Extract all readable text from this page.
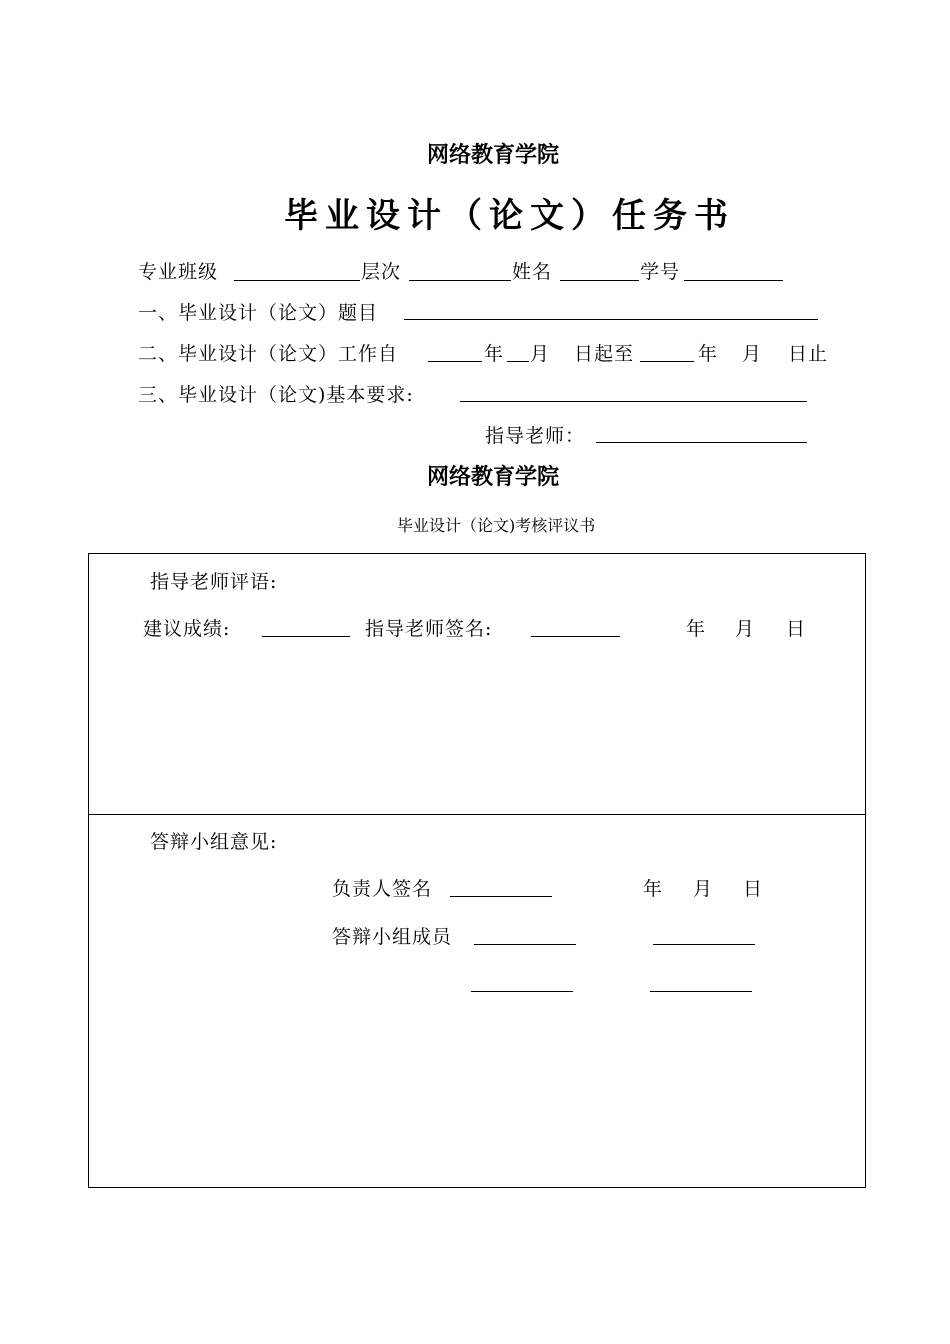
网络教育学院
毕业设计（论文）任务书
专业班级	层次	姓名	学号
一、毕业设计（论文）题目
二、毕业设计（论文）工作自	年 月 日起至	年 月 日止
三、毕业设计（论文)基本要求:
指导老师：
网络教育学院
毕业设计（论文)考核评议书
指导老师评语:
建议成绩:	指导老师签名:	年 月 日
答辩小组意见:
负责人签名	年 月 日
答辩小组成员
